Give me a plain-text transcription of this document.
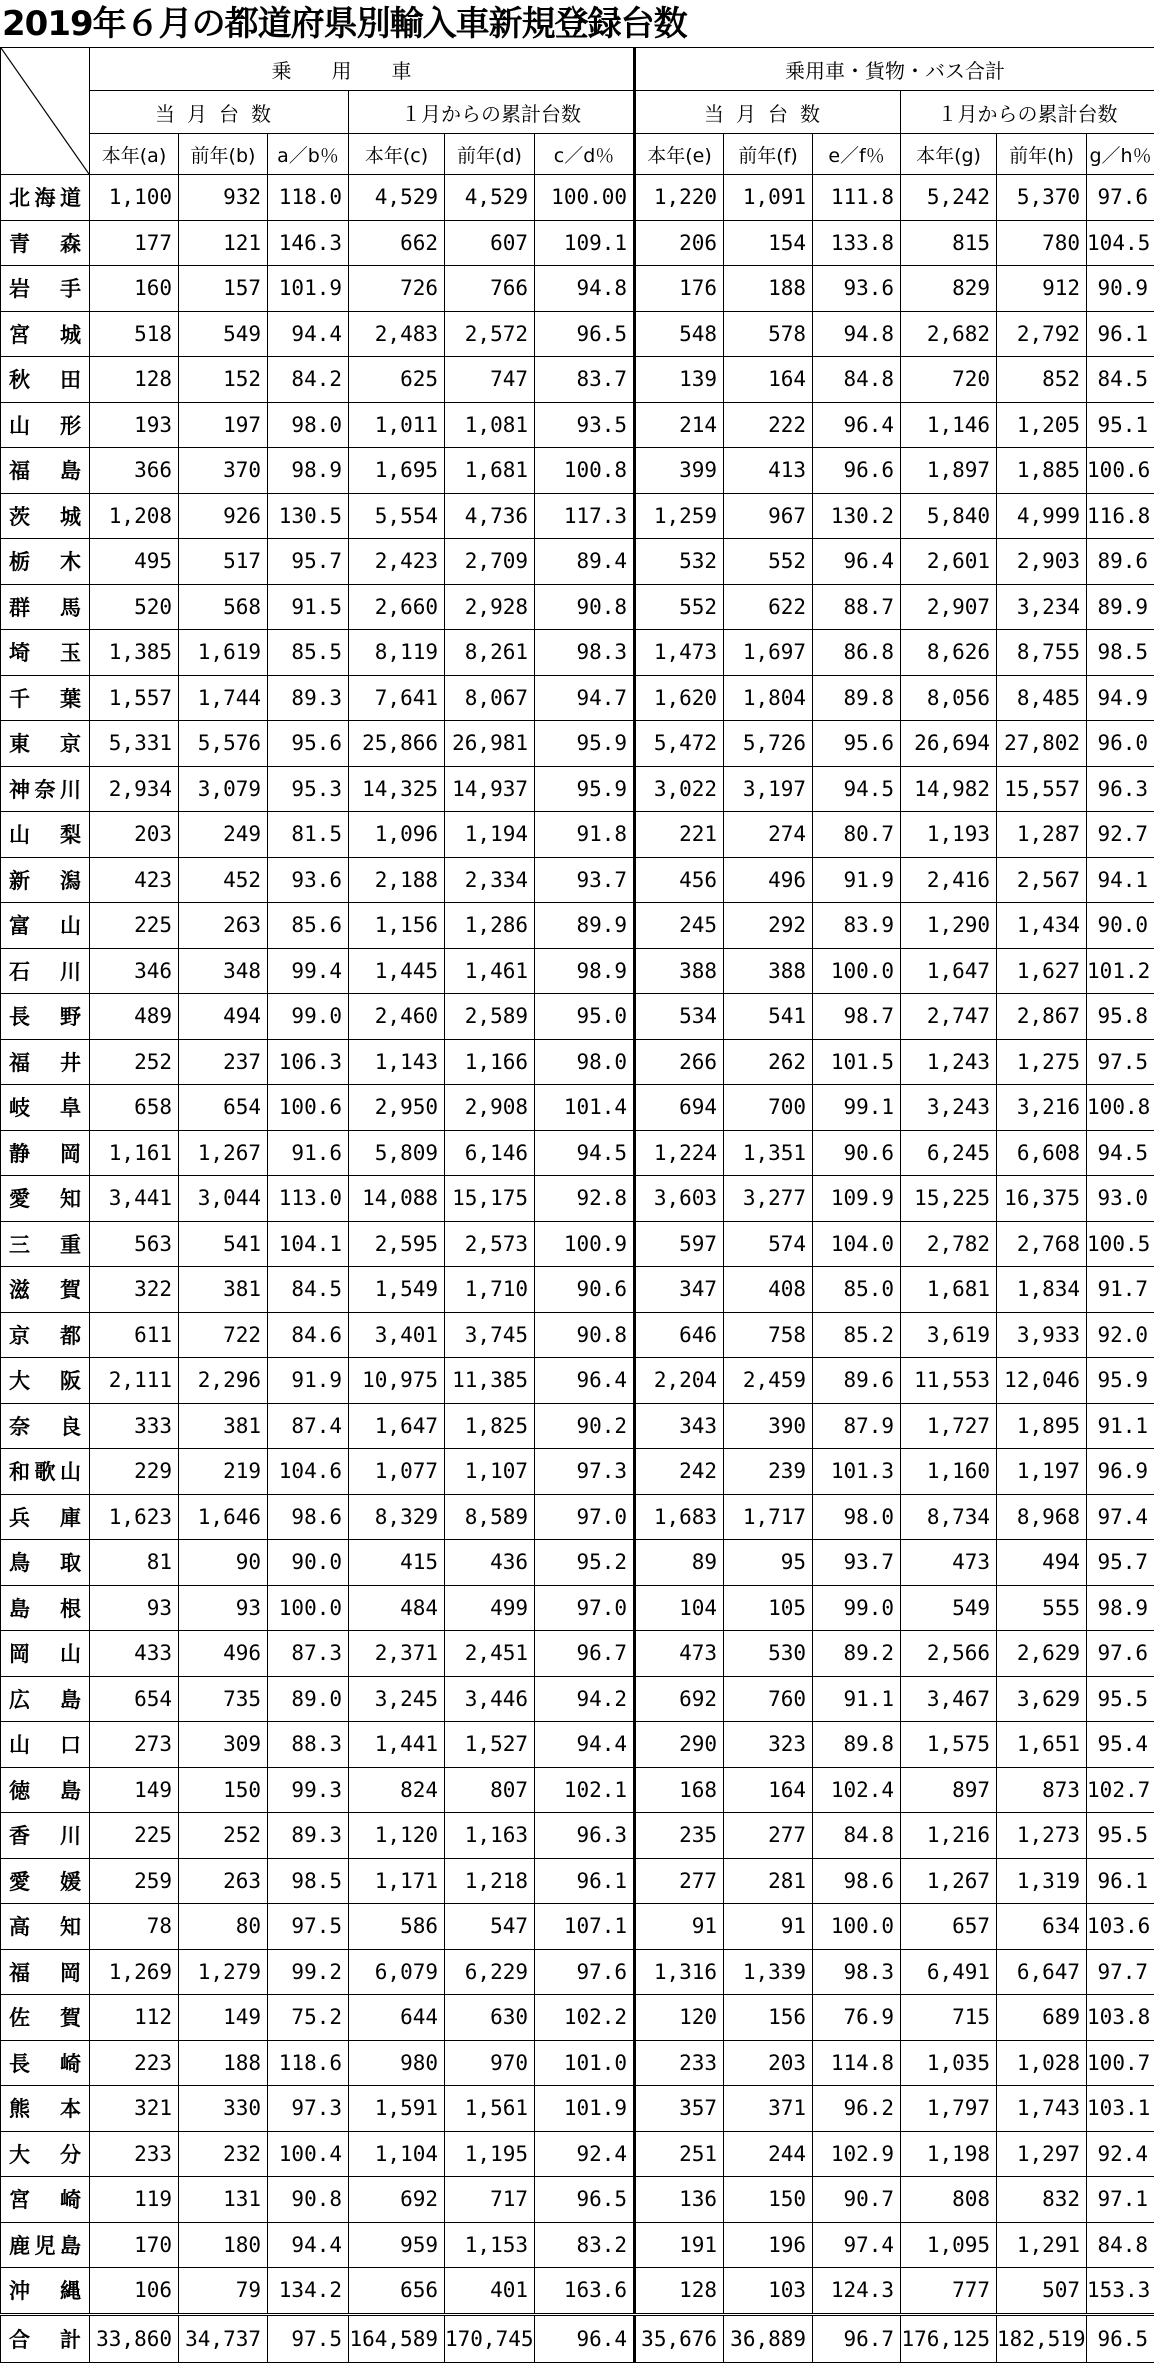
2019年６月の都道府県別輸入車新規登録台数
	乗用車						乗用車・貨物・バス合計					
	当月台数			１月からの累計台数			当月台数			１月からの累計台数		
	本年(a)	前年(b)	a／b％	本年(c)	前年(d)	c／d％	本年(e)	前年(f)	e／f％	本年(g)	前年(h)	g／h％
北海道	1,100	932	118.0	4,529	4,529	100.00	1,220	1,091	111.8	5,242	5,370	97.6
青森	177	121	146.3	662	607	109.1	206	154	133.8	815	780	104.5
岩手	160	157	101.9	726	766	94.8	176	188	93.6	829	912	90.9
宮城	518	549	94.4	2,483	2,572	96.5	548	578	94.8	2,682	2,792	96.1
秋田	128	152	84.2	625	747	83.7	139	164	84.8	720	852	84.5
山形	193	197	98.0	1,011	1,081	93.5	214	222	96.4	1,146	1,205	95.1
福島	366	370	98.9	1,695	1,681	100.8	399	413	96.6	1,897	1,885	100.6
茨城	1,208	926	130.5	5,554	4,736	117.3	1,259	967	130.2	5,840	4,999	116.8
栃木	495	517	95.7	2,423	2,709	89.4	532	552	96.4	2,601	2,903	89.6
群馬	520	568	91.5	2,660	2,928	90.8	552	622	88.7	2,907	3,234	89.9
埼玉	1,385	1,619	85.5	8,119	8,261	98.3	1,473	1,697	86.8	8,626	8,755	98.5
千葉	1,557	1,744	89.3	7,641	8,067	94.7	1,620	1,804	89.8	8,056	8,485	94.9
東京	5,331	5,576	95.6	25,866	26,981	95.9	5,472	5,726	95.6	26,694	27,802	96.0
神奈川	2,934	3,079	95.3	14,325	14,937	95.9	3,022	3,197	94.5	14,982	15,557	96.3
山梨	203	249	81.5	1,096	1,194	91.8	221	274	80.7	1,193	1,287	92.7
新潟	423	452	93.6	2,188	2,334	93.7	456	496	91.9	2,416	2,567	94.1
富山	225	263	85.6	1,156	1,286	89.9	245	292	83.9	1,290	1,434	90.0
石川	346	348	99.4	1,445	1,461	98.9	388	388	100.0	1,647	1,627	101.2
長野	489	494	99.0	2,460	2,589	95.0	534	541	98.7	2,747	2,867	95.8
福井	252	237	106.3	1,143	1,166	98.0	266	262	101.5	1,243	1,275	97.5
岐阜	658	654	100.6	2,950	2,908	101.4	694	700	99.1	3,243	3,216	100.8
静岡	1,161	1,267	91.6	5,809	6,146	94.5	1,224	1,351	90.6	6,245	6,608	94.5
愛知	3,441	3,044	113.0	14,088	15,175	92.8	3,603	3,277	109.9	15,225	16,375	93.0
三重	563	541	104.1	2,595	2,573	100.9	597	574	104.0	2,782	2,768	100.5
滋賀	322	381	84.5	1,549	1,710	90.6	347	408	85.0	1,681	1,834	91.7
京都	611	722	84.6	3,401	3,745	90.8	646	758	85.2	3,619	3,933	92.0
大阪	2,111	2,296	91.9	10,975	11,385	96.4	2,204	2,459	89.6	11,553	12,046	95.9
奈良	333	381	87.4	1,647	1,825	90.2	343	390	87.9	1,727	1,895	91.1
和歌山	229	219	104.6	1,077	1,107	97.3	242	239	101.3	1,160	1,197	96.9
兵庫	1,623	1,646	98.6	8,329	8,589	97.0	1,683	1,717	98.0	8,734	8,968	97.4
鳥取	81	90	90.0	415	436	95.2	89	95	93.7	473	494	95.7
島根	93	93	100.0	484	499	97.0	104	105	99.0	549	555	98.9
岡山	433	496	87.3	2,371	2,451	96.7	473	530	89.2	2,566	2,629	97.6
広島	654	735	89.0	3,245	3,446	94.2	692	760	91.1	3,467	3,629	95.5
山口	273	309	88.3	1,441	1,527	94.4	290	323	89.8	1,575	1,651	95.4
徳島	149	150	99.3	824	807	102.1	168	164	102.4	897	873	102.7
香川	225	252	89.3	1,120	1,163	96.3	235	277	84.8	1,216	1,273	95.5
愛媛	259	263	98.5	1,171	1,218	96.1	277	281	98.6	1,267	1,319	96.1
高知	78	80	97.5	586	547	107.1	91	91	100.0	657	634	103.6
福岡	1,269	1,279	99.2	6,079	6,229	97.6	1,316	1,339	98.3	6,491	6,647	97.7
佐賀	112	149	75.2	644	630	102.2	120	156	76.9	715	689	103.8
長崎	223	188	118.6	980	970	101.0	233	203	114.8	1,035	1,028	100.7
熊本	321	330	97.3	1,591	1,561	101.9	357	371	96.2	1,797	1,743	103.1
大分	233	232	100.4	1,104	1,195	92.4	251	244	102.9	1,198	1,297	92.4
宮崎	119	131	90.8	692	717	96.5	136	150	90.7	808	832	97.1
鹿児島	170	180	94.4	959	1,153	83.2	191	196	97.4	1,095	1,291	84.8
沖縄	106	79	134.2	656	401	163.6	128	103	124.3	777	507	153.3
合計	33,860	34,737	97.5	164,589	170,745	96.4	35,676	36,889	96.7	176,125	182,519	96.5
